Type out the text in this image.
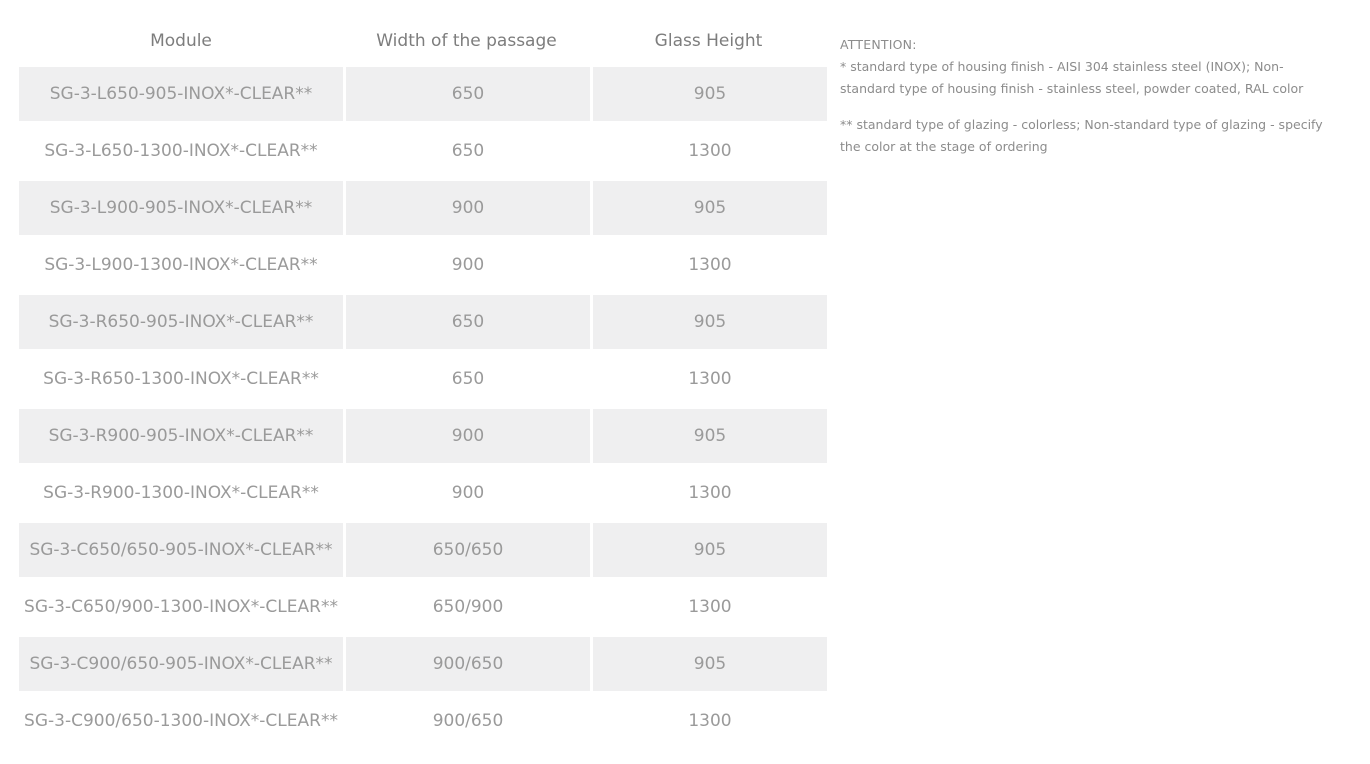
Module	Width of the passage	Glass Height
SG-3-L650-905-INOX*-CLEAR**	650	905
SG-3-L650-1300-INOX*-CLEAR**	650	1300
SG-3-L900-905-INOX*-CLEAR**	900	905
SG-3-L900-1300-INOX*-CLEAR**	900	1300
SG-3-R650-905-INOX*-CLEAR**	650	905
SG-3-R650-1300-INOX*-CLEAR**	650	1300
SG-3-R900-905-INOX*-CLEAR**	900	905
SG-3-R900-1300-INOX*-CLEAR**	900	1300
SG-3-C650/650-905-INOX*-CLEAR**	650/650	905
SG-3-C650/900-1300-INOX*-CLEAR**	650/900	1300
SG-3-C900/650-905-INOX*-CLEAR**	900/650	905
SG-3-C900/650-1300-INOX*-CLEAR**	900/650	1300

ATTENTION:

* standard type of housing finish - AISI 304 stainless steel (INOX); Non-standard type of housing finish - stainless steel, powder coated, RAL color

** standard type of glazing - colorless; Non-standard type of glazing - specify the color at the stage of ordering
